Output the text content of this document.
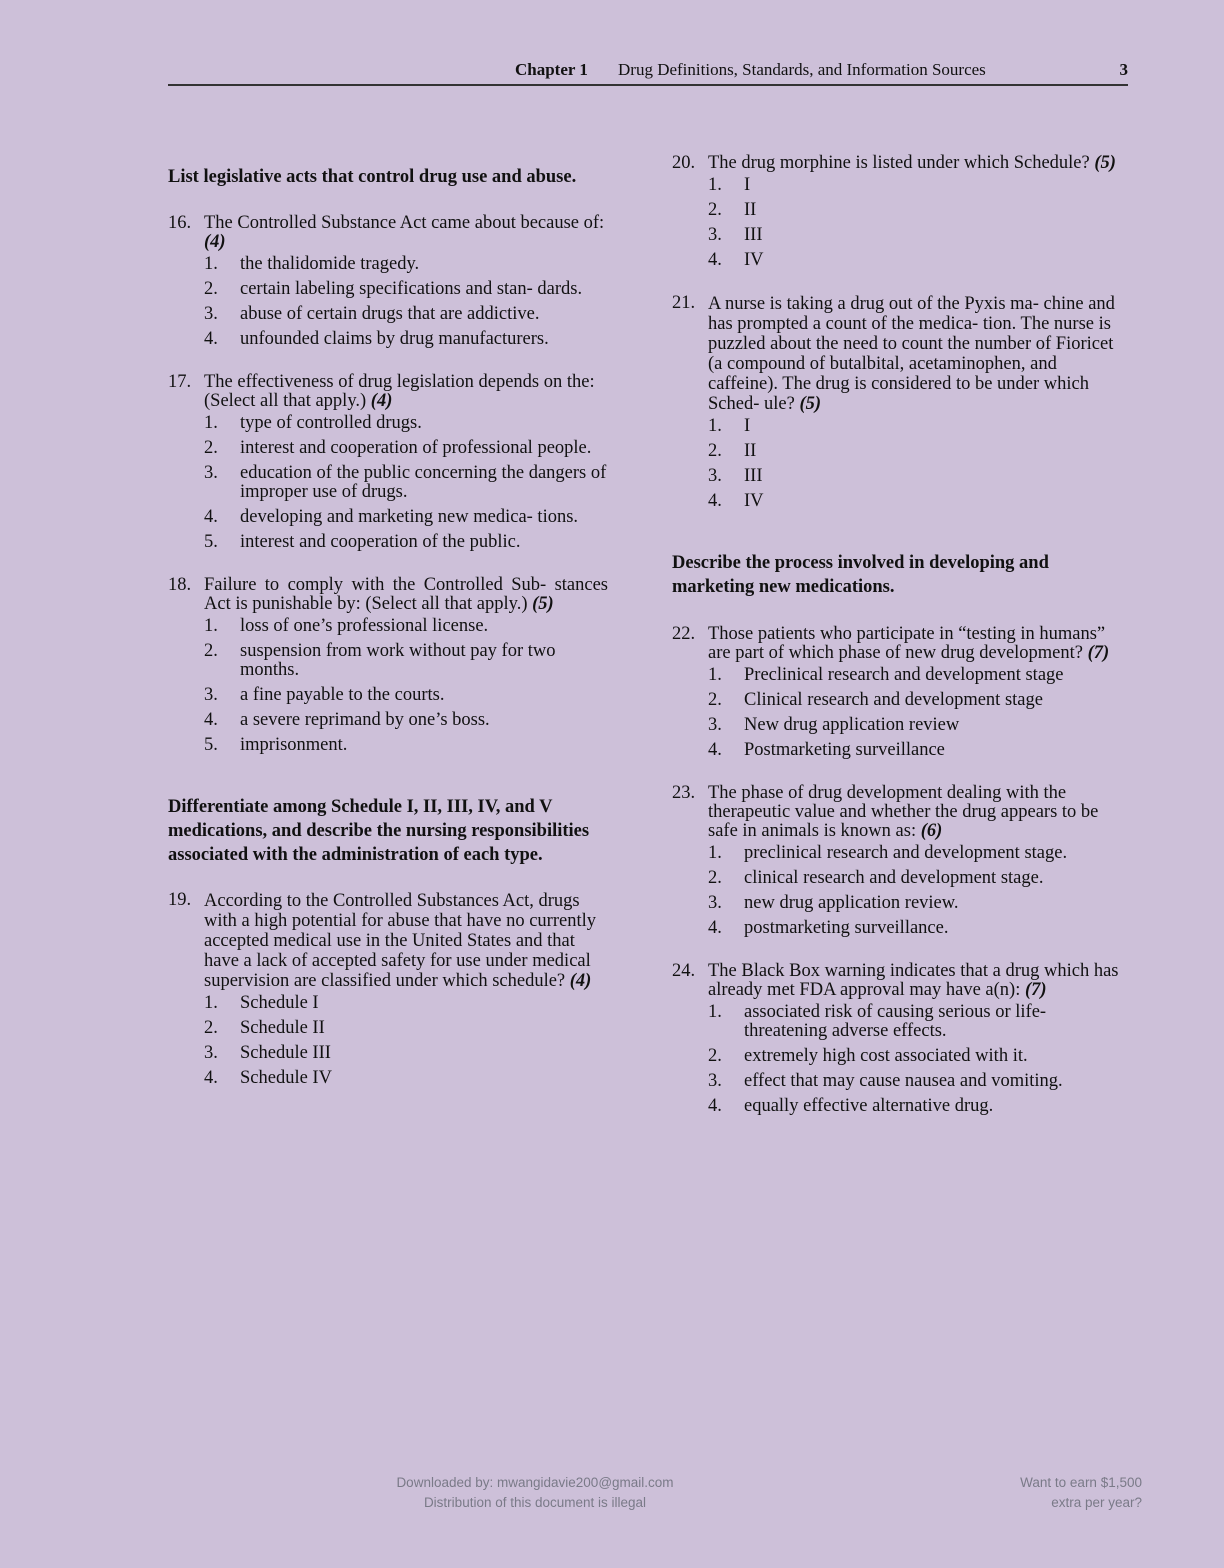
Chapter 1 Drug Definitions, Standards, and Information Sources	3
List legislative acts that control drug use and abuse.
16. The Controlled Substance Act came about because of: (4)
1. the thalidomide tragedy.
2. certain labeling specifications and stan- dards.
3. abuse of certain drugs that are addictive.
4. unfounded claims by drug manufacturers.
17. The effectiveness of drug legislation depends on the: (Select all that apply.) (4)
1. type of controlled drugs.
2. interest and cooperation of professional people.
3. education of the public concerning the dangers of improper use of drugs.
4. developing and marketing new medica- tions.
5. interest and cooperation of the public.
18. Failure to comply with the Controlled Sub- stances Act is punishable by: (Select all that apply.) (5)
1. loss of one’s professional license.
2. suspension from work without pay for two months.
3. a fine payable to the courts.
4. a severe reprimand by one’s boss.
5. imprisonment.
Differentiate among Schedule I, II, III, IV, and V medications, and describe the nursing responsibilities associated with the administration of each type.
19. According to the Controlled Substances Act, drugs with a high potential for abuse that have no currently accepted medical use in the United States and that have a lack of accepted safety for use under medical supervision are classified under which schedule? (4)
1. Schedule I
2. Schedule II
3. Schedule III
4. Schedule IV
20. The drug morphine is listed under which Schedule? (5)
1. I
2. II
3. III
4. IV
21. A nurse is taking a drug out of the Pyxis ma- chine and has prompted a count of the medica- tion. The nurse is puzzled about the need to count the number of Fioricet (a compound of butalbital, acetaminophen, and caffeine). The drug is considered to be under which Sched- ule? (5)
1. I
2. II
3. III
4. IV
Describe the process involved in developing and marketing new medications.
22. Those patients who participate in “testing in humans” are part of which phase of new drug development? (7)
1. Preclinical research and development stage
2. Clinical research and development stage
3. New drug application review
4. Postmarketing surveillance
23. The phase of drug development dealing with the therapeutic value and whether the drug appears to be safe in animals is known as: (6)
1. preclinical research and development stage.
2. clinical research and development stage.
3. new drug application review.
4. postmarketing surveillance.
24. The Black Box warning indicates that a drug which has already met FDA approval may have a(n): (7)
1. associated risk of causing serious or life- threatening adverse effects.
2. extremely high cost associated with it.
3. effect that may cause nausea and vomiting.
4. equally effective alternative drug.
Downloaded by: mwangidavie200@gmail.com
Distribution of this document is illegal
Want to earn $1,500
extra per year?
